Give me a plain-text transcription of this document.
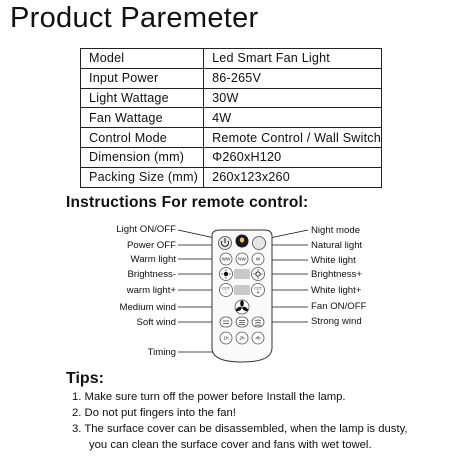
Product Paremeter
Model	Led Smart Fan Light
Input Power	86-265V
Light Wattage	30W
Fan Wattage	4W
Control Mode	Remote Control / Wall Switch
Dimension (mm)	Φ260xH120
Packing Size (mm)	260x123x260
Instructions For remote control:
Light ON/OFF
Power OFF
Warm light
Brightness-
warm light+
Medium wind
Soft wind
Timing
Night mode
Natural light
White light
Brightness+
White light+
Fan ON/OFF
Strong wind
WW NW W
CCT -
CCT +
1h 2h 4h
Tips:
1. Make sure turn off the power before Install the lamp.
2. Do not put fingers into the fan!
3. The surface cover can be disassembled, when the lamp is dusty,
you can clean the surface cover and fans with wet towel.
